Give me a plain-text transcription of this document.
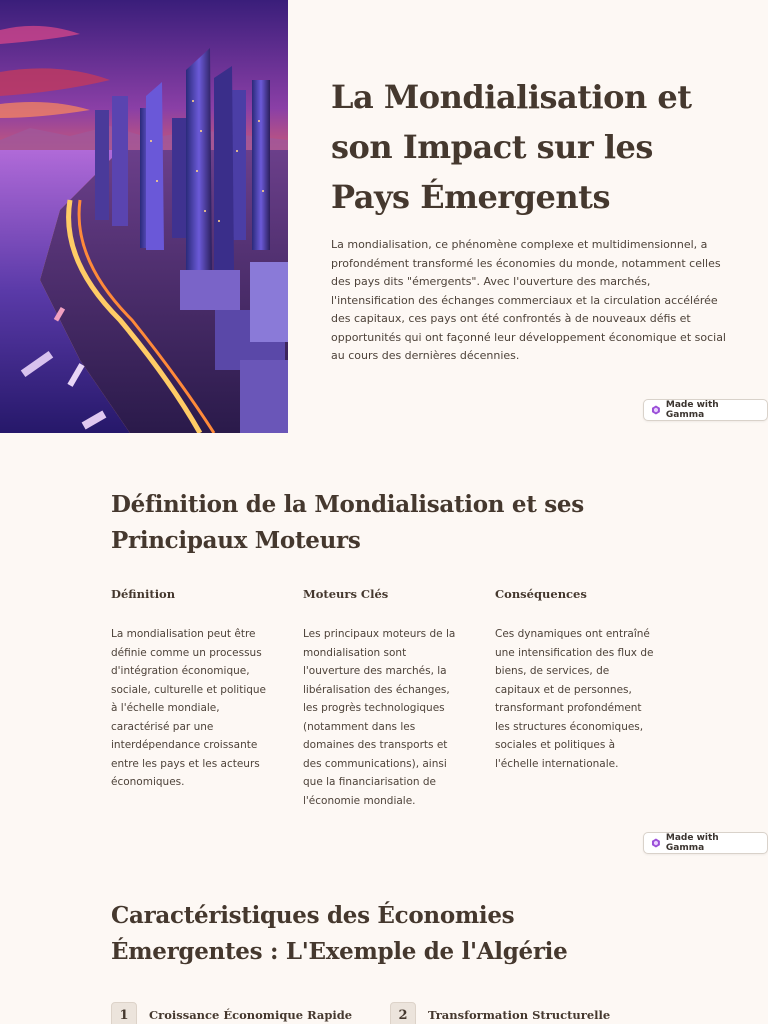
La Mondialisation et son Impact sur les Pays Émergents

La mondialisation, ce phénomène complexe et multidimensionnel, a profondément transformé les économies du monde, notamment celles des pays dits "émergents". Avec l'ouverture des marchés, l'intensification des échanges commerciaux et la circulation accélérée des capitaux, ces pays ont été confrontés à de nouveaux défis et opportunités qui ont façonné leur développement économique et social au cours des dernières décennies.

Made with Gamma
Définition de la Mondialisation et ses Principaux Moteurs
Définition

La mondialisation peut être définie comme un processus d'intégration économique, sociale, culturelle et politique à l'échelle mondiale, caractérisé par une interdépendance croissante entre les pays et les acteurs économiques.

Moteurs Clés

Les principaux moteurs de la mondialisation sont l'ouverture des marchés, la libéralisation des échanges, les progrès technologiques (notamment dans les domaines des transports et des communications), ainsi que la financiarisation de l'économie mondiale.

Conséquences

Ces dynamiques ont entraîné une intensification des flux de biens, de services, de capitaux et de personnes, transformant profondément les structures économiques, sociales et politiques à l'échelle internationale.

Made with Gamma
Caractéristiques des Économies Émergentes : L'Exemple de l'Algérie
1	Croissance Économique Rapide	2	Transformation Structurelle
